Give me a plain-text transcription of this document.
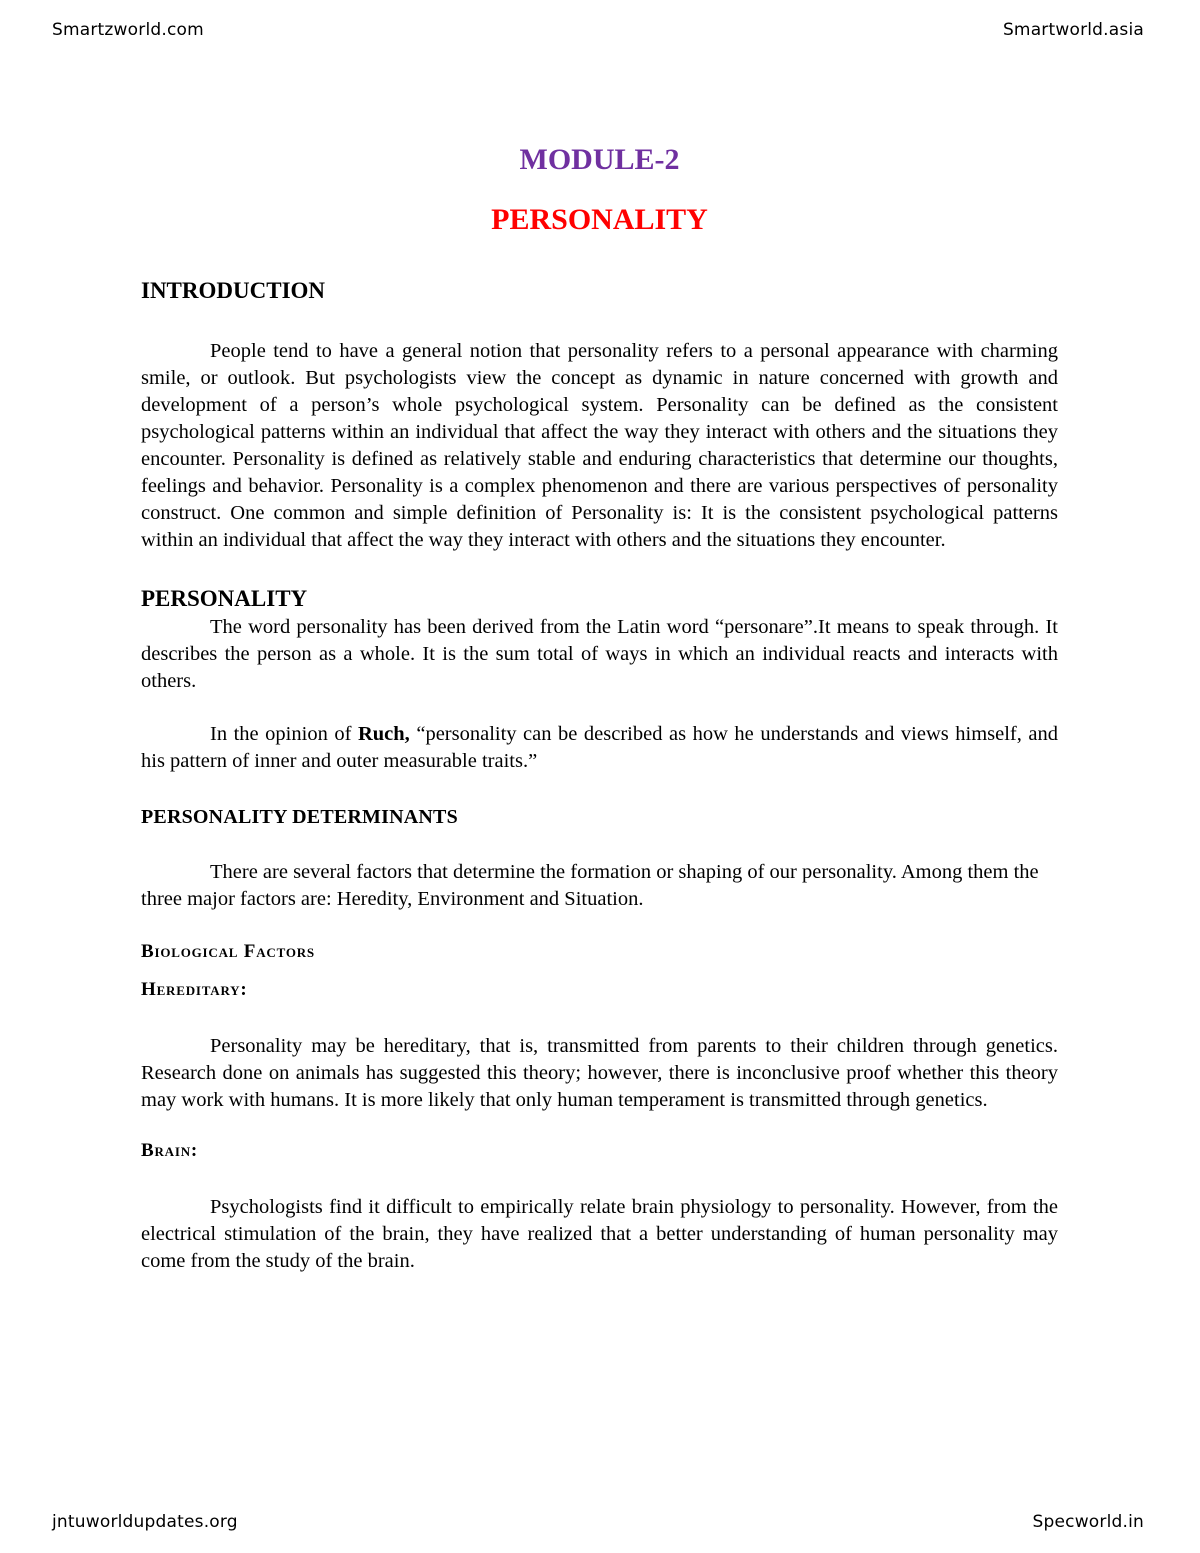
Smartzworld.com	Smartworld.asia
MODULE-2
PERSONALITY
INTRODUCTION

People tend to have a general notion that personality refers to a personal appearance with charming smile, or outlook. But psychologists view the concept as dynamic in nature concerned with growth and development of a person’s whole psychological system. Personality can be defined as the consistent psychological patterns within an individual that affect the way they interact with others and the situations they encounter. Personality is defined as relatively stable and enduring characteristics that determine our thoughts, feelings and behavior. Personality is a complex phenomenon and there are various perspectives of personality construct. One common and simple definition of Personality is: It is the consistent psychological patterns within an individual that affect the way they interact with others and the situations they encounter.

PERSONALITY

The word personality has been derived from the Latin word “personare”.It means to speak through. It describes the person as a whole. It is the sum total of ways in which an individual reacts and interacts with others.

In the opinion of Ruch, “personality can be described as how he understands and views himself, and his pattern of inner and outer measurable traits.”

PERSONALITY DETERMINANTS

There are several factors that determine the formation or shaping of our personality. Among them the three major factors are: Heredity, Environment and Situation.

Biological Factors
Hereditary:

Personality may be hereditary, that is, transmitted from parents to their children through genetics. Research done on animals has suggested this theory; however, there is inconclusive proof whether this theory may work with humans. It is more likely that only human temperament is transmitted through genetics.

Brain:

Psychologists find it difficult to empirically relate brain physiology to personality. However, from the electrical stimulation of the brain, they have realized that a better understanding of human personality may come from the study of the brain.

jntuworldupdates.org	Specworld.in
